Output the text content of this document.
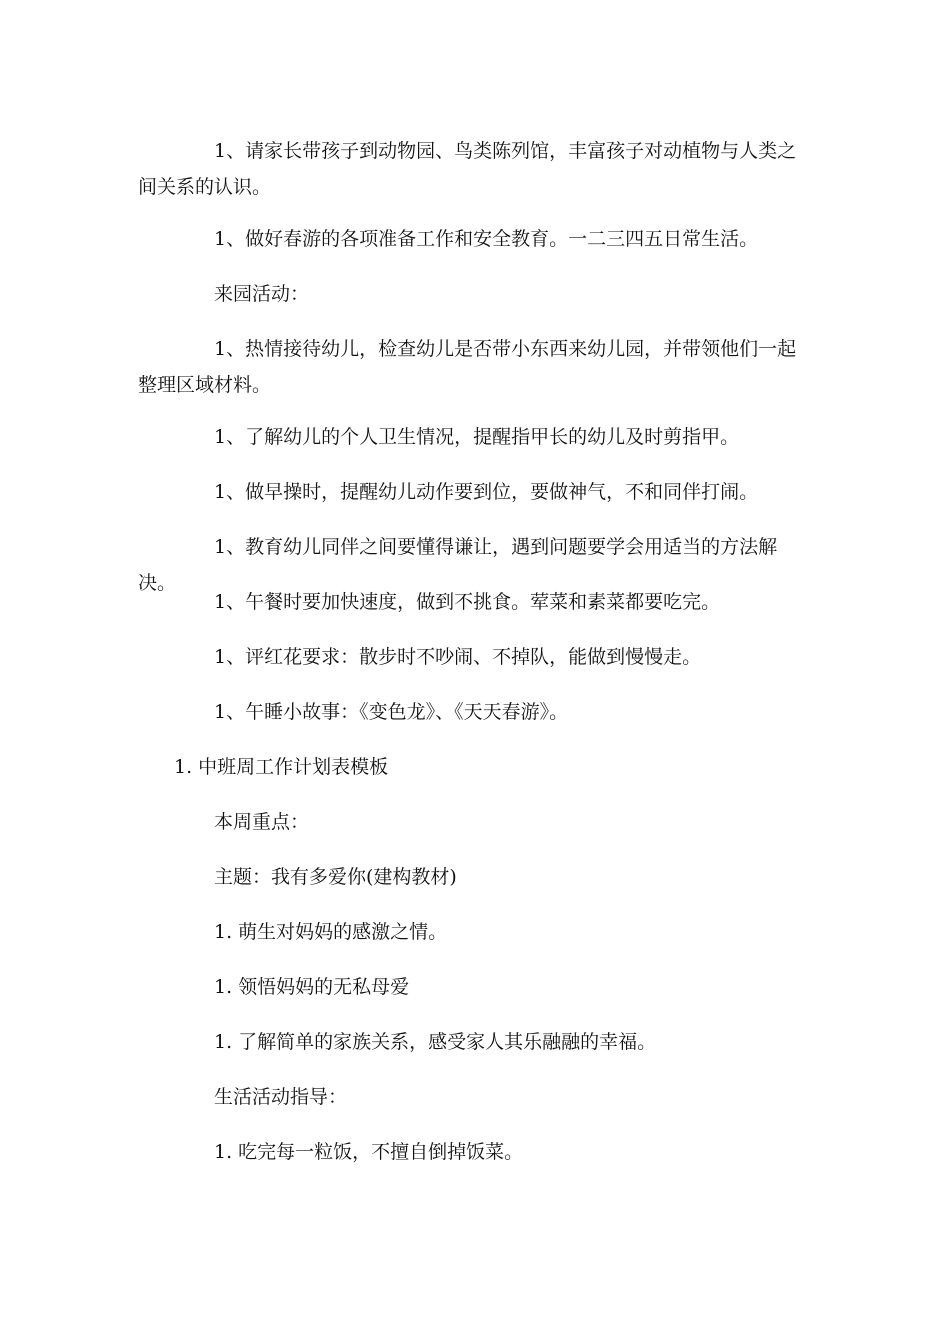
1、请家长带孩子到动物园、鸟类陈列馆，丰富孩子对动植物与人类之间关系的认识。
1、做好春游的各项准备工作和安全教育。一二三四五日常生活。
来园活动：
1、热情接待幼儿，检查幼儿是否带小东西来幼儿园，并带领他们一起整理区域材料。
1、了解幼儿的个人卫生情况，提醒指甲长的幼儿及时剪指甲。
1、做早操时，提醒幼儿动作要到位，要做神气，不和同伴打闹。
1、教育幼儿同伴之间要懂得谦让，遇到问题要学会用适当的方法解决。
1、午餐时要加快速度，做到不挑食。荤菜和素菜都要吃完。
1、评红花要求：散步时不吵闹、不掉队，能做到慢慢走。
1、午睡小故事：《变色龙》、《天天春游》。
1. 中班周工作计划表模板
本周重点：
主题：我有多爱你(建构教材)
1. 萌生对妈妈的感激之情。
1. 领悟妈妈的无私母爱
1. 了解简单的家族关系，感受家人其乐融融的幸福。
生活活动指导：
1. 吃完每一粒饭，不擅自倒掉饭菜。
